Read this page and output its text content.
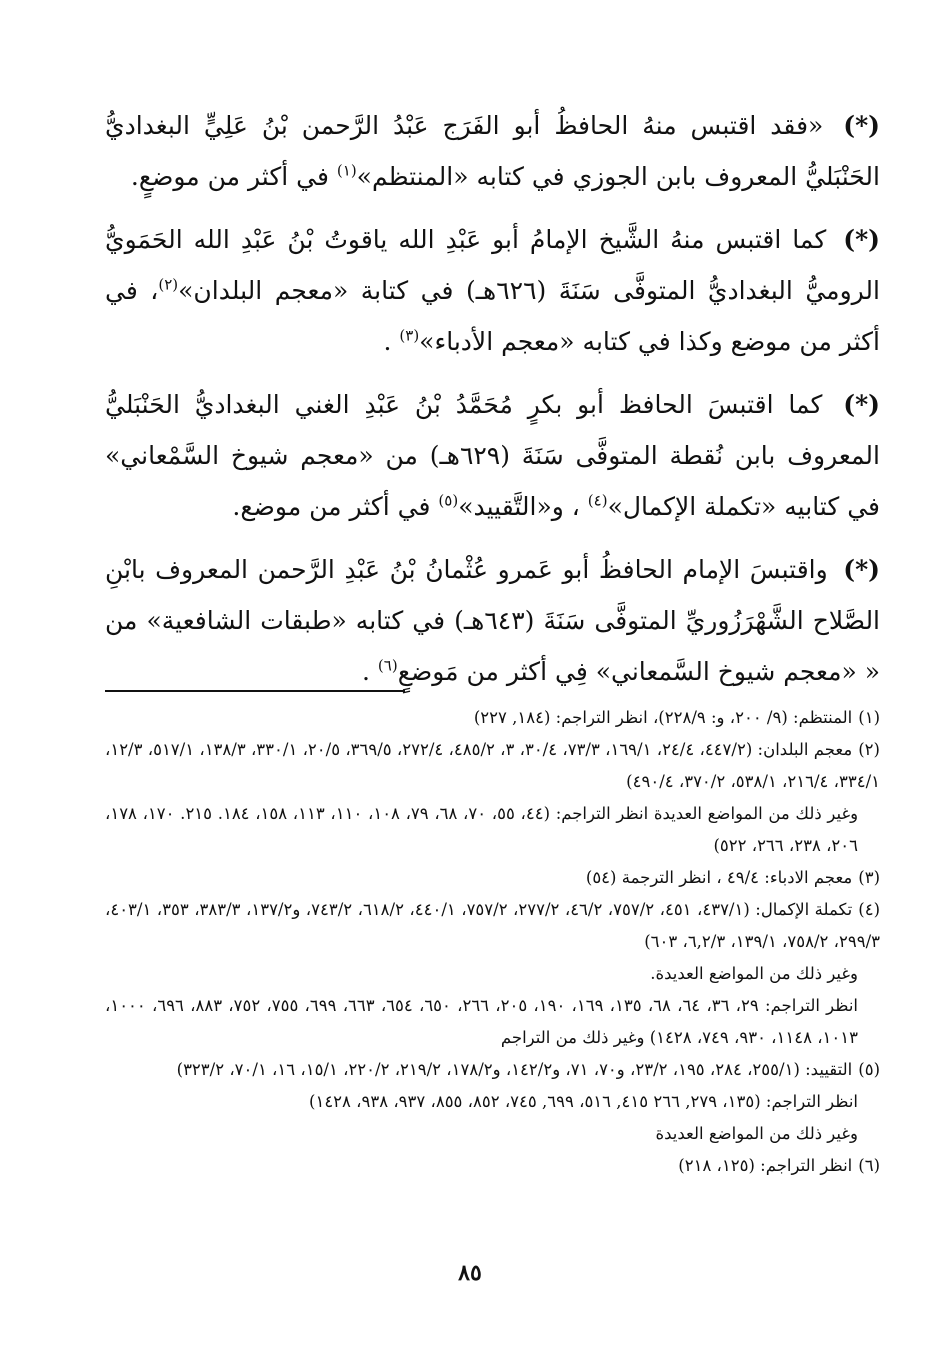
(*) «فقد اقتبس منهُ الحافظُ أبو الفَرَج عَبْدُ الرَّحمن بْنُ عَلِيٍّ البغداديُّ الحَنْبَليُّ المعروف بابن الجوزي في كتابه «المنتظم»$^{(١)}$ في أكثر من موضعٍ.

(*) كما اقتبس منهُ الشَّيخ الإمامُ أبو عَبْدِ الله ياقوتُ بْنُ عَبْدِ الله الحَمَويُّ الروميُّ البغداديُّ المتوفَّى سَنَةَ (٦٢٦هـ) في كتابة «معجم البلدان»$^{(٢)}$، في أكثر من موضع وكذا في كتابه «معجم الأدباء»$^{(٣)}$ .

(*) كما اقتبسَ الحافظ أبو بكرٍ مُحَمَّدُ بْنُ عَبْدِ الغني البغداديُّ الحَنْبَليُّ المعروف بابن نُقطة المتوفَّى سَنَةَ (٦٢٩هـ) من «معجم شيوخ السَّمْعاني» في كتابيه «تكملة الإكمال»$^{(٤)}$ ، و«التَّقييد»$^{(٥)}$ في أكثر من موضع.

(*) واقتبسَ الإمام الحافظُ أبو عَمرو عُثْمانُ بْنُ عَبْدِ الرَّحمن المعروف بابْنِ الصَّلاح الشَّهْرَزُوريِّ المتوفَّى سَنَةَ (٦٤٣هـ) في كتابه «طبقات الشافعية» من « «معجم شيوخ السَّمعاني» فِي أكثر من مَوضعٍ$^{(٦)}$ .

(١)المنتظم: (٩/ ٢٠٠، و: ٢٢٨/٩)، انظر التراجم: (١٨٤, ٢٢٧)

(٢)معجم البلدان: (٤٤٧/٢، ٢٤/٤، ١٦٩/١، ٧٣/٣، ٣٠/٤، ٣، ٤٨٥/٢، ٢٧٢/٤، ٣٦٩/٥، ٢٠/٥، ٣٣٠/١، ١٣٨/٣، ٥١٧/١، ١٢/٣، ٣٣٤/١، ٢١٦/٤، ٥٣٨/١، ٣٧٠/٢، ٤٩٠/٤)

وغير ذلك من المواضع العديدة انظر التراجم: (٤٤، ٥٥، ٧٠، ٦٨، ٧٩، ١٠٨، ١١٠، ١١٣، ١٥٨، ١٨٤. ٢١٥. ١٧٠، ١٧٨، ٢٠٦، ٢٣٨، ٢٦٦، ٥٢٢)

(٣)معجم الادباء: ٤٩/٤ ، انظر الترجمة (٥٤)

(٤)تكملة الإكمال: (٤٣٧/١، ٤٥١، ٧٥٧/٢، ٤٦/٢، ٢٧٧/٢، ٧٥٧/٢، ٤٤٠/١، ٦١٨/٢، ٧٤٣/٢، و١٣٧/٢، ٣٨٣/٣، ٣٥٣، ٤٠٣/١، ٢٩٩/٣، ٧٥٨/٢، ١٣٩/١، ٦,٢/٣، ٦٠٣)

وغير ذلك من المواضع العديدة.

انظر التراجم: ٢٩، ٣٦، ٦٤، ٦٨، ١٣٥، ١٦٩، ١٩٠، ٢٠٥، ٢٦٦، ٦٥٠، ٦٥٤، ٦٦٣، ٦٩٩، ٧٥٥، ٧٥٢، ٨٨٣، ٦٩٦، ١٠٠٠، ١٠١٣، ١١٤٨، ٩٣٠، ٧٤٩، ١٤٢٨) وغير ذلك من التراجم

(٥)التقييد: (٢٥٥/١، ٢٨٤، ١٩٥، ٢٣/٢، و٧٠، ٧١، و١٤٢/٢، و١٧٨/٢، ٢١٩/٢، ٢٢٠/٢، ١٥/١، ١٦، ٧٠/١، ٣٢٣/٢)

انظر التراجم: (١٣٥، ٢٧٩, ٢٦٦ ٤١٥, ٥١٦، ٦٩٩, ٧٤٥، ٨٥٢، ٨٥٥، ٩٣٧، ٩٣٨، ١٤٢٨)

وغير ذلك من المواضع العديدة

(٦)انظر التراجم: (١٢٥، ٢١٨)

٨٥
